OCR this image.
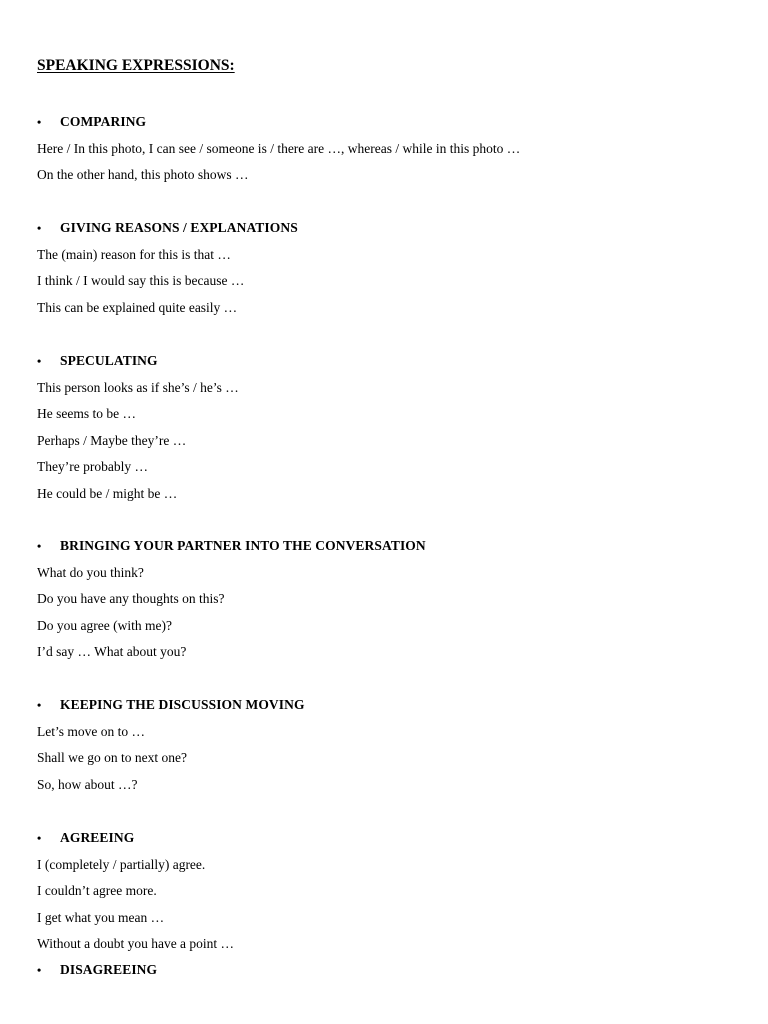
SPEAKING EXPRESSIONS:
• COMPARING
Here / In this photo, I can see / someone is / there are …, whereas / while in this photo …
On the other hand, this photo shows …
• GIVING REASONS / EXPLANATIONS
The (main) reason for this is that …
I think / I would say this is because …
This can be explained quite easily …
• SPECULATING
This person looks as if she’s / he’s …
He seems to be …
Perhaps / Maybe they’re …
They’re probably …
He could be / might be …
• BRINGING YOUR PARTNER INTO THE CONVERSATION
What do you think?
Do you have any thoughts on this?
Do you agree (with me)?
I’d say … What about you?
• KEEPING THE DISCUSSION MOVING
Let’s move on to …
Shall we go on to next one?
So, how about …?
• AGREEING
I (completely / partially) agree.
I couldn’t agree more.
I get what you mean …
Without a doubt you have a point …
• DISAGREEING
